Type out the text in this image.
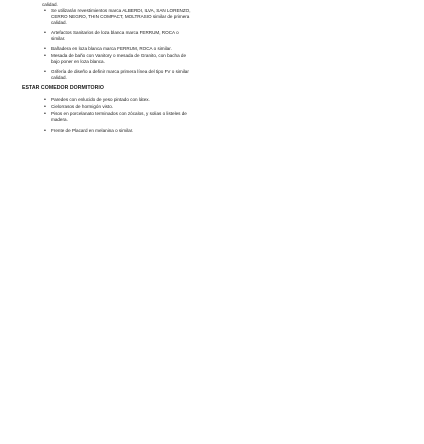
calidad.
• Se utilizarán revestimientos marca ALBERDI, ILVA, SAN LORENZO,
CERRO NEGRO, THIN COMPACT, MOLTRASIO similar de primera
calidad.
• Artefactos Sanitarios de loza blanca marca FERRUM, ROCA o
similar.
• Bañadera en loza blanca marca FERRUM, ROCA o similar.
• Mesada de baño con Vanitory o mesada de Granito, con bacha de
bajo poner en loza blanca.
• Grifería de diseño a definir marca primera línea del tipo FV o similar
calidad.
ESTAR COMEDOR DORMITORIO
• Paredes con enlucido de yeso pintado con látex.
• Cielorrasos de hormigón visto.
• Pisos en porcelanato terminados con zócalos, y solias o listeles de
madera.
• Frente de Placard en melanina o similar.
